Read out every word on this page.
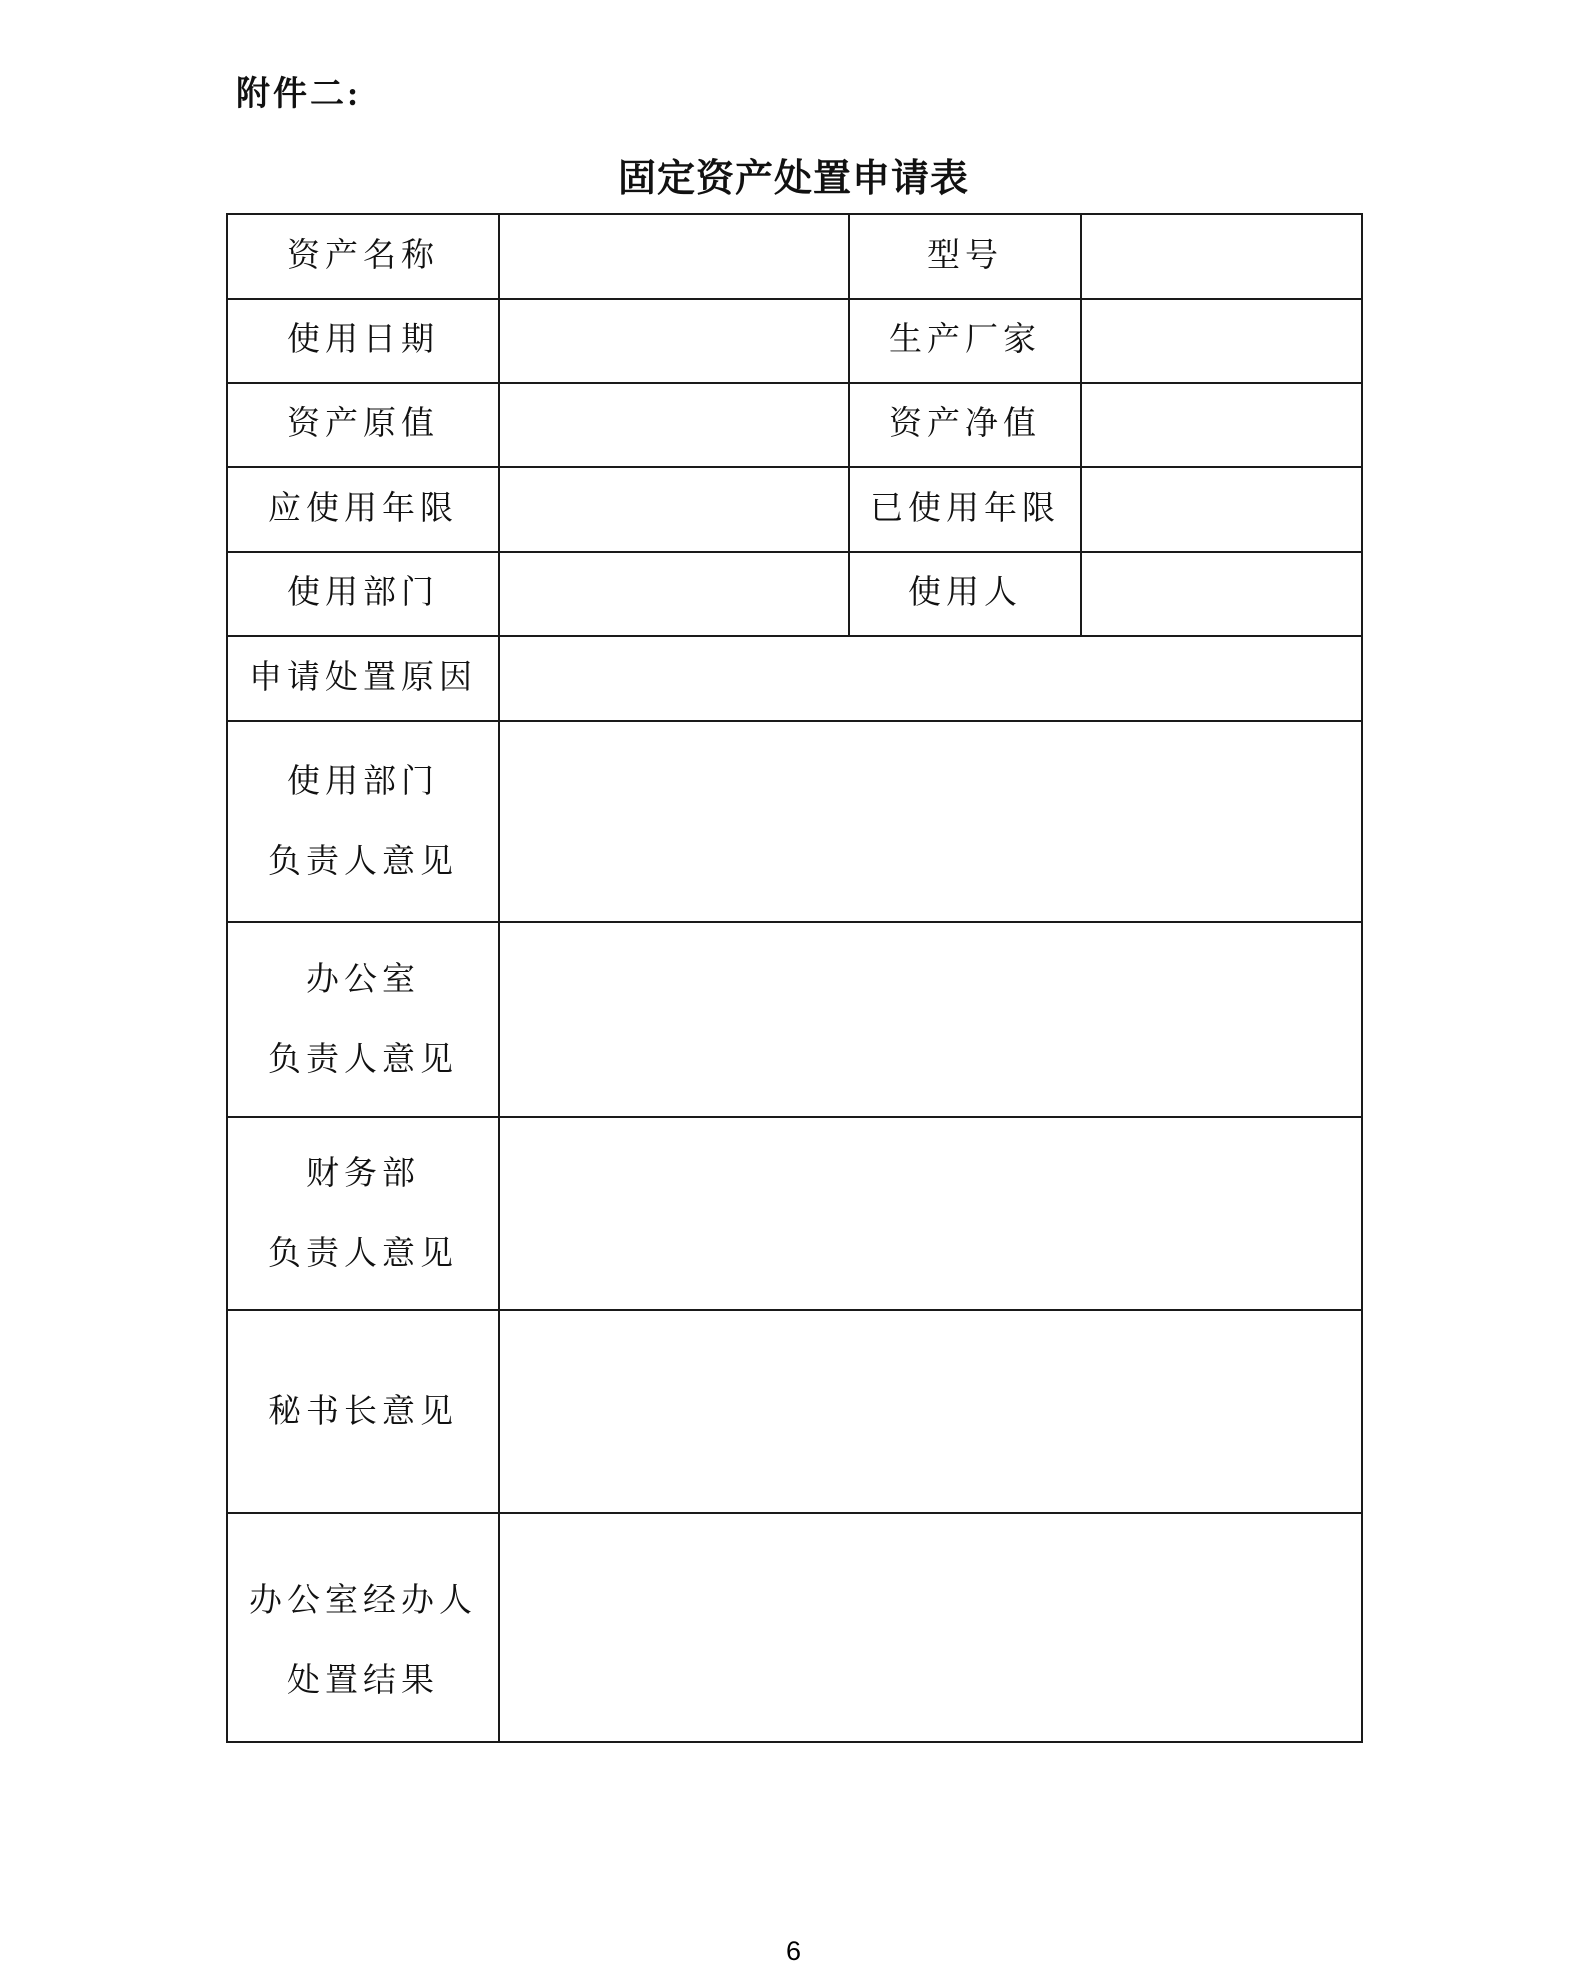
附件二:
固定资产处置申请表
资产名称		型号	
使用日期		生产厂家	
资产原值		资产净值	
应使用年限		已使用年限	
使用部门		使用人	
申请处置原因			

使用部门
负责人意见			

办公室
负责人意见			

财务部
负责人意见			

秘书长意见			

办公室经办人
处置结果			

6
